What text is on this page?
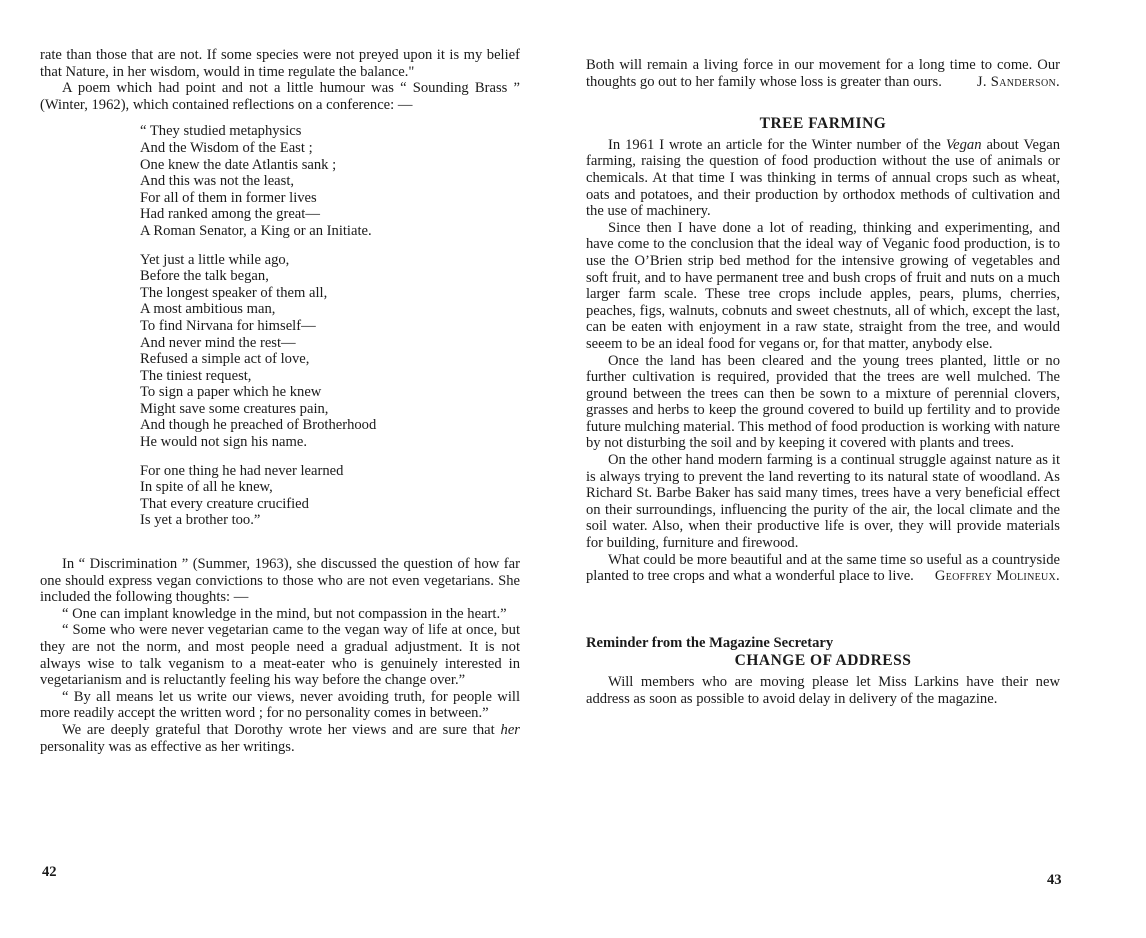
rate than those that are not. If some species were not preyed upon it is my belief that Nature, in her wisdom, would in time regulate the balance."

A poem which had point and not a little humour was “ Sounding Brass ” (Winter, 1962), which contained reflections on a conference: —

“ They studied metaphysics
And the Wisdom of the East ;
One knew the date Atlantis sank ;
And this was not the least,
For all of them in former lives
Had ranked among the great—
A Roman Senator, a King or an Initiate.
Yet just a little while ago,
Before the talk began,
The longest speaker of them all,
A most ambitious man,
To find Nirvana for himself—
And never mind the rest—
Refused a simple act of love,
The tiniest request,
To sign a paper which he knew
Might save some creatures pain,
And though he preached of Brotherhood
He would not sign his name.
For one thing he had never learned
In spite of all he knew,
That every creature crucified
Is yet a brother too.”

In “ Discrimination ” (Summer, 1963), she discussed the question of how far one should express vegan convictions to those who are not even vegetarians. She included the following thoughts: —

“ One can implant knowledge in the mind, but not compassion in the heart.”

“ Some who were never vegetarian came to the vegan way of life at once, but they are not the norm, and most people need a gradual adjustment. It is not always wise to talk veganism to a meat-eater who is genuinely interested in vegetarianism and is reluctantly feeling his way before the change over.”

“ By all means let us write our views, never avoiding truth, for people will more readily accept the written word ; for no personality comes in between.”

We are deeply grateful that Dorothy wrote her views and are sure that her personality was as effective as her writings.

42

Both will remain a living force in our movement for a long time to come. Our thoughts go out to her family whose loss is greater than ours.	J. Sanderson.

TREE FARMING

In 1961 I wrote an article for the Winter number of the Vegan about Vegan farming, raising the question of food production without the use of animals or chemicals. At that time I was thinking in terms of annual crops such as wheat, oats and potatoes, and their production by orthodox methods of cultivation and the use of machinery.

Since then I have done a lot of reading, thinking and experimenting, and have come to the conclusion that the ideal way of Veganic food production, is to use the O’Brien strip bed method for the intensive growing of vegetables and soft fruit, and to have permanent tree and bush crops of fruit and nuts on a much larger farm scale. These tree crops include apples, pears, plums, cherries, peaches, figs, walnuts, cobnuts and sweet chestnuts, all of which, except the last, can be eaten with enjoyment in a raw state, straight from the tree, and would seeem to be an ideal food for vegans or, for that matter, anybody else.

Once the land has been cleared and the young trees planted, little or no further cultivation is required, provided that the trees are well mulched. The ground between the trees can then be sown to a mixture of perennial clovers, grasses and herbs to keep the ground covered to build up fertility and to provide future mulching material. This method of food production is working with nature by not disturbing the soil and by keeping it covered with plants and trees.

On the other hand modern farming is a continual struggle against nature as it is always trying to prevent the land reverting to its natural state of woodland. As Richard St. Barbe Baker has said many times, trees have a very beneficial effect on their surroundings, influencing the purity of the air, the local climate and the soil water. Also, when their productive life is over, they will provide materials for building, furniture and firewood.

What could be more beautiful and at the same time so useful as a countryside planted to tree crops and what a wonderful place to live.	Geoffrey Molineux.

Reminder from the Magazine Secretary
CHANGE OF ADDRESS

Will members who are moving please let Miss Larkins have their new address as soon as possible to avoid delay in delivery of the magazine.

43
